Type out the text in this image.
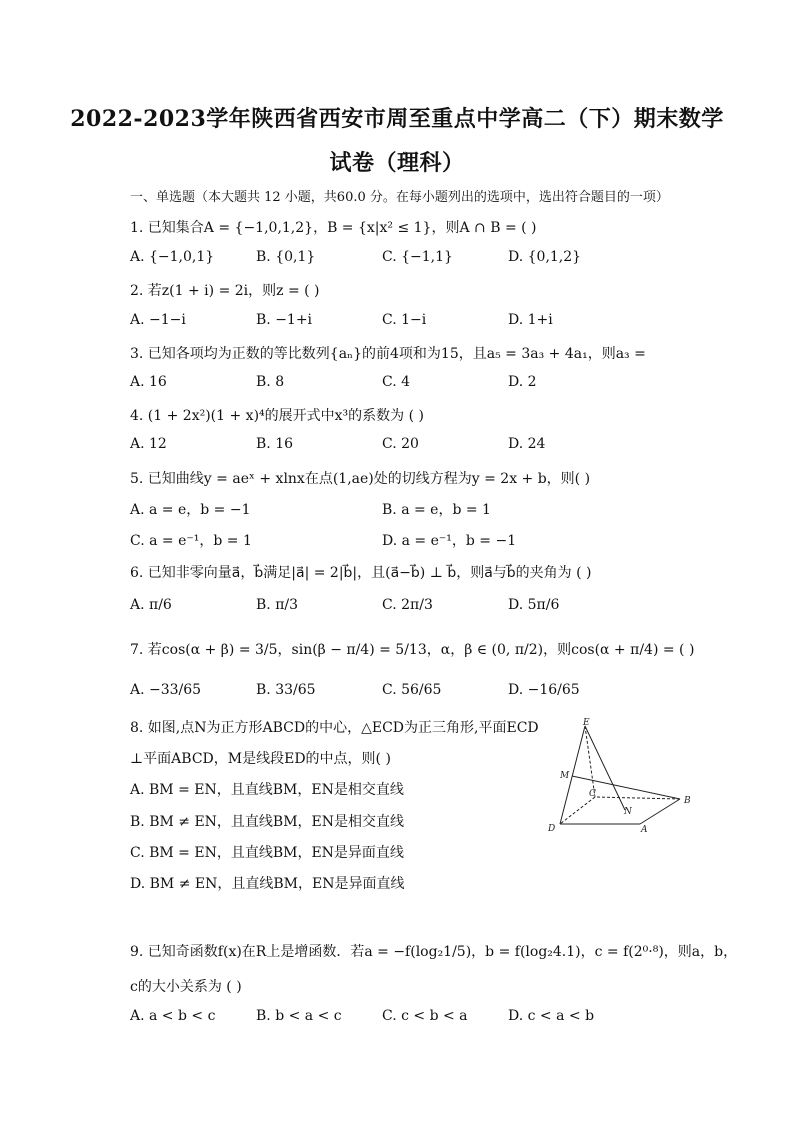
2022-2023学年陕西省西安市周至重点中学高二（下）期末数学
试卷（理科）
一、单选题（本大题共 12 小题，共60.0 分。在每小题列出的选项中，选出符合题目的一项）
1. 已知集合A = {−1,0,1,2}，B = {x|x² ≤ 1}，则A ∩ B = ( )
A. {−1,0,1}	B. {0,1}	C. {−1,1}	D. {0,1,2}
2. 若z(1 + i) = 2i，则z = ( )
A. −1−i	B. −1+i	C. 1−i	D. 1+i
3. 已知各项均为正数的等比数列{aₙ}的前4项和为15，且a₅ = 3a₃ + 4a₁，则a₃ =
A. 16	B. 8	C. 4	D. 2
4. (1 + 2x²)(1 + x)⁴的展开式中x³的系数为 ( )
A. 12	B. 16	C. 20	D. 24
5. 已知曲线y = aeˣ + xlnx在点(1,ae)处的切线方程为y = 2x + b，则( )
A. a = e，b = −1	B. a = e，b = 1
C. a = e⁻¹，b = 1	D. a = e⁻¹，b = −1
6. 已知非零向量a⃗，b⃗满足|a⃗| = 2|b⃗|，且(a⃗−b⃗) ⊥ b⃗，则a⃗与b⃗的夹角为 ( )
A. π/6	B. π/3	C. 2π/3	D. 5π/6
7. 若cos(α + β) = 3/5，sin(β − π/4) = 5/13，α，β ∈ (0, π/2)，则cos(α + π/4) = ( )
A. −33/65	B. 33/65	C. 56/65	D. −16/65
8. 如图,点N为正方形ABCD的中心，△ECD为正三角形,平面ECD
⊥平面ABCD，M是线段ED的中点，则( )
A. BM = EN，且直线BM，EN是相交直线
B. BM ≠ EN，且直线BM，EN是相交直线
C. BM = EN，且直线BM，EN是异面直线
D. BM ≠ EN，且直线BM，EN是异面直线
E
M
C
B
N
D	A
9. 已知奇函数f(x)在R上是增函数．若a = −f(log₂1/5)，b = f(log₂4.1)，c = f(2⁰·⁸)，则a，b，
c的大小关系为 ( )
A. a < b < c	B. b < a < c	C. c < b < a	D. c < a < b
